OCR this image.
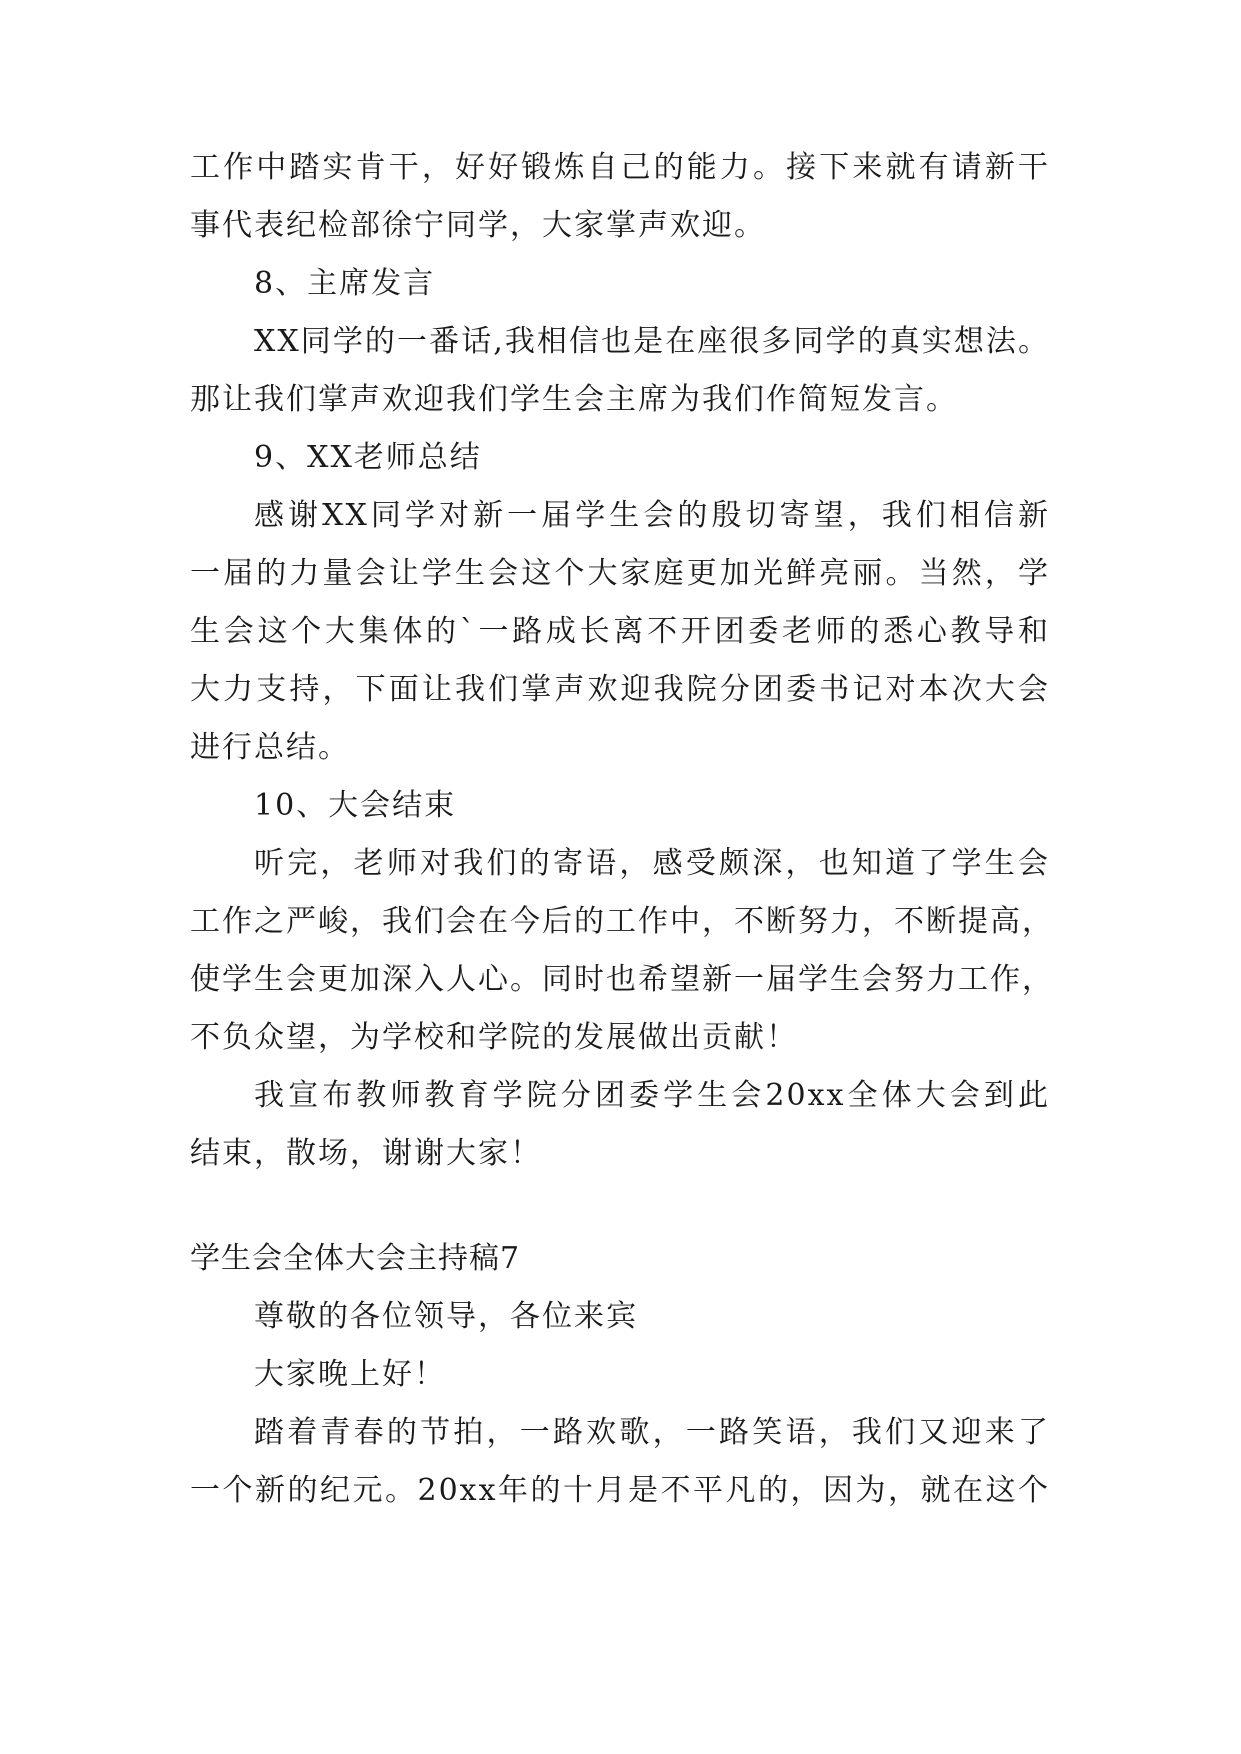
工作中踏实肯干，好好锻炼自己的能力。接下来就有请新干
事代表纪检部徐宁同学，大家掌声欢迎。
8、主席发言
XX同学的一番话,我相信也是在座很多同学的真实想法。
那让我们掌声欢迎我们学生会主席为我们作简短发言。
9、XX老师总结
感谢XX同学对新一届学生会的殷切寄望，我们相信新
一届的力量会让学生会这个大家庭更加光鲜亮丽。当然，学
生会这个大集体的`一路成长离不开团委老师的悉心教导和
大力支持，下面让我们掌声欢迎我院分团委书记对本次大会
进行总结。
10、大会结束
听完，老师对我们的寄语，感受颇深，也知道了学生会
工作之严峻，我们会在今后的工作中，不断努力，不断提高，
使学生会更加深入人心。同时也希望新一届学生会努力工作，
不负众望，为学校和学院的发展做出贡献！
我宣布教师教育学院分团委学生会20xx全体大会到此
结束，散场，谢谢大家！
学生会全体大会主持稿7
尊敬的各位领导，各位来宾
大家晚上好！
踏着青春的节拍，一路欢歌，一路笑语，我们又迎来了
一个新的纪元。20xx年的十月是不平凡的，因为，就在这个
